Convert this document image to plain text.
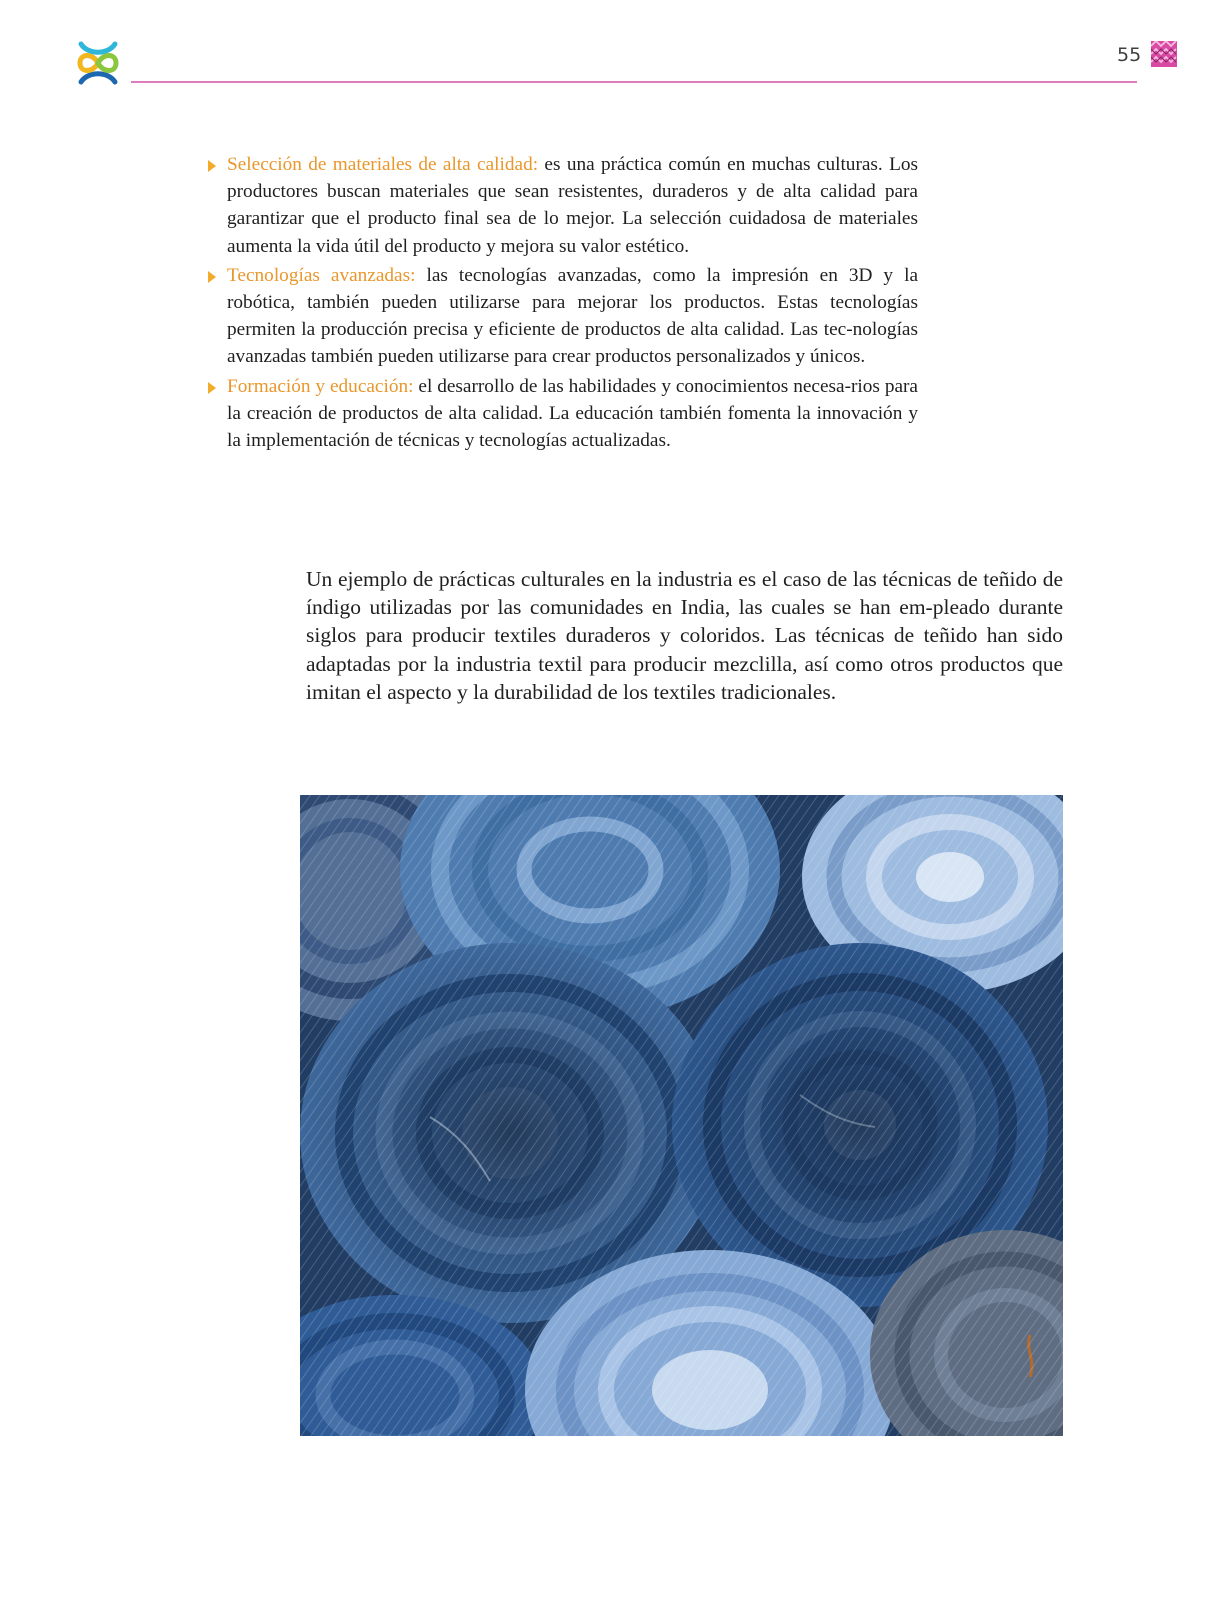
55
Selección de materiales de alta calidad: es una práctica común en muchas culturas. Los productores buscan materiales que sean resistentes, duraderos y de alta calidad para garantizar que el producto final sea de lo mejor. La selección cuidadosa de materiales aumenta la vida útil del producto y mejora su valor estético.
Tecnologías avanzadas: las tecnologías avanzadas, como la impresión en 3D y la robótica, también pueden utilizarse para mejorar los productos. Estas tecnologías permiten la producción precisa y eficiente de productos de alta calidad. Las tec-nologías avanzadas también pueden utilizarse para crear productos personalizados y únicos.
Formación y educación: el desarrollo de las habilidades y conocimientos necesa-rios para la creación de productos de alta calidad. La educación también fomenta la innovación y la implementación de técnicas y tecnologías actualizadas.

Un ejemplo de prácticas culturales en la industria es el caso de las técnicas de teñido de índigo utilizadas por las comunidades en India, las cuales se han em-pleado durante siglos para producir textiles duraderos y coloridos. Las técnicas de teñido han sido adaptadas por la industria textil para producir mezclilla, así como otros productos que imitan el aspecto y la durabilidad de los textiles tradicionales.
